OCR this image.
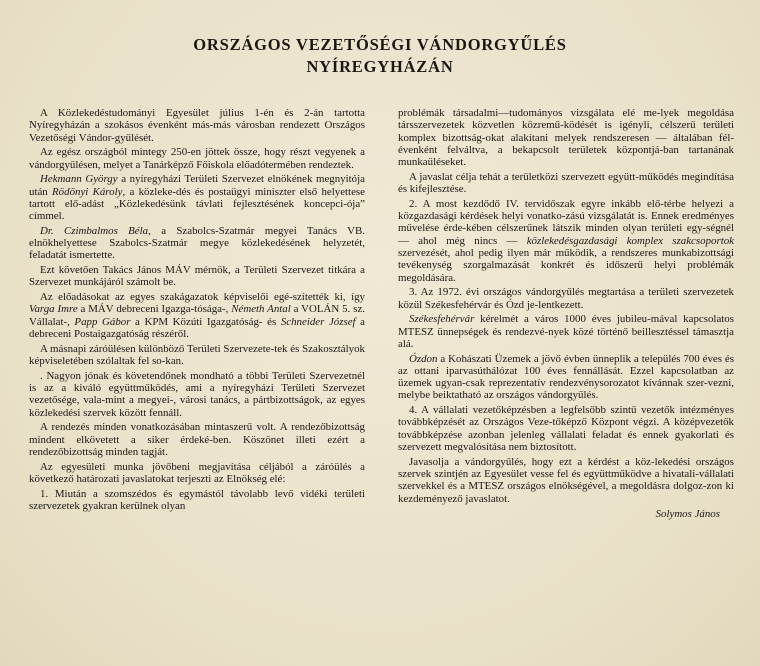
ORSZÁGOS VEZETŐSÉGI VÁNDORGYŰLÉS
NYÍREGYHÁZÁN

A Közlekedéstudományi Egyesület július 1-én és 2-án tartotta Nyíregyházán a szokásos évenként más-más városban rendezett Országos Vezetőségi Vándor-gyűlését.

Az egész országból mintegy 250-en jöttek össze, hogy részt vegyenek a vándorgyűlésen, melyet a Tanárképző Főiskola előadótermében rendeztek.

Hekmann György a nyíregyházi Területi Szervezet elnökének megnyitója után Rödönyi Károly, a közleke-dés és postaügyi miniszter első helyettese tartott elő-adást „Közlekedésünk távlati fejlesztésének koncepci-ója” címmel.

Dr. Czimbalmos Béla, a Szabolcs-Szatmár megyei Tanács VB. elnökhelyettese Szabolcs-Szatmár megye közlekedésének helyzetét, feladatát ismertette.

Ezt követően Takács János MÁV mérnök, a Területi Szervezet titkára a Szervezet munkájáról számolt be.

Az előadásokat az egyes szakágazatok képviselői egé-szítették ki, így Varga Imre a MÁV debreceni Igazga-tósága-, Németh Antal a VOLÁN 5. sz. Vállalat-, Papp Gábor a KPM Közúti Igazgatóság- és Schneider József a debreceni Postaigazgatóság részéről.

A másnapi záróülésen különböző Területi Szervezete-tek és Szakosztályok képviseletében szólaltak fel so-kan.

. Nagyon jónak és követendőnek mondható a többi Területi Szervezetnél is az a kiváló együttműködés, ami a nyíregyházi Területi Szervezet vezetősége, vala-mint a megyei-, városi tanács, a pártbizottságok, az egyes közlekedési szervek között fennáll.

A rendezés minden vonatkozásában mintaszerű volt. A rendezőbizottság mindent elkövetett a siker érdeké-ben. Köszönet illeti ezért a rendezőbizottság minden tagját.

Az egyesületi munka jövőbeni megjavítása céljából a záróülés a következő határozati javaslatokat terjeszti az Elnökség elé:

1. Miután a szomszédos és egymástól távolabb levő vidéki területi szervezetek gyakran kerülnek olyan

problémák társadalmi—tudományos vizsgálata elé me-lyek megoldása társszervezetek közvetlen közremű-ködését is igényli, célszerű területi komplex bizottság-okat alakítani melyek rendszeresen — általában fél-évenként felváltva, a bekapcsolt területek központjá-ban tartanának munkaüléseket.

A javaslat célja tehát a területközi szervezett együtt-működés megindítása és kifejlesztése.

2. A most kezdődő IV. tervidőszak egyre inkább elő-térbe helyezi a közgazdasági kérdések helyi vonatko-zású vizsgálatát is. Ennek eredményes művelése érde-kében célszerűnek látszik minden olyan területi egy-ségnél — ahol még nincs — közlekedésgazdasági komplex szakcsoportok szervezését, ahol pedig ilyen már működik, a rendszeres munkabizottsági tevékenység szorgalmazását konkrét és időszerű helyi problémák megoldására.

3. Az 1972. évi országos vándorgyűlés megtartása a területi szervezetek közül Székesfehérvár és Ózd je-lentkezett.

Székesfehérvár kérelmét a város 1000 éves jubileu-mával kapcsolatos MTESZ ünnepségek és rendezvé-nyek közé történő beillesztéssel támasztja alá.

Ózdon a Kohászati Üzemek a jövő évben ünneplik a település 700 éves és az ottani iparvasúthálózat 100 éves fennállását. Ezzel kapcsolatban az üzemek ugyan-csak reprezentatív rendezvénysorozatot kívánnak szer-vezni, melybe beiktatható az országos vándorgyűlés.

4. A vállalati vezetőképzésben a legfelsőbb szintű vezetők intézményes továbbképzését az Országos Veze-tőképző Központ végzi. A középvezetők továbbképzése azonban jelenleg vállalati feladat és ennek gyakorlati és szervezett megvalósítása nem biztosított.

Javasolja a vándorgyűlés, hogy ezt a kérdést a köz-lekedési országos szervek szintjén az Egyesület vesse fel és együttműködve a hivatali-vállalati szervekkel és a MTESZ országos elnökségével, a megoldásra dolgoz-zon ki kezdeményező javaslatot.

Solymos János
